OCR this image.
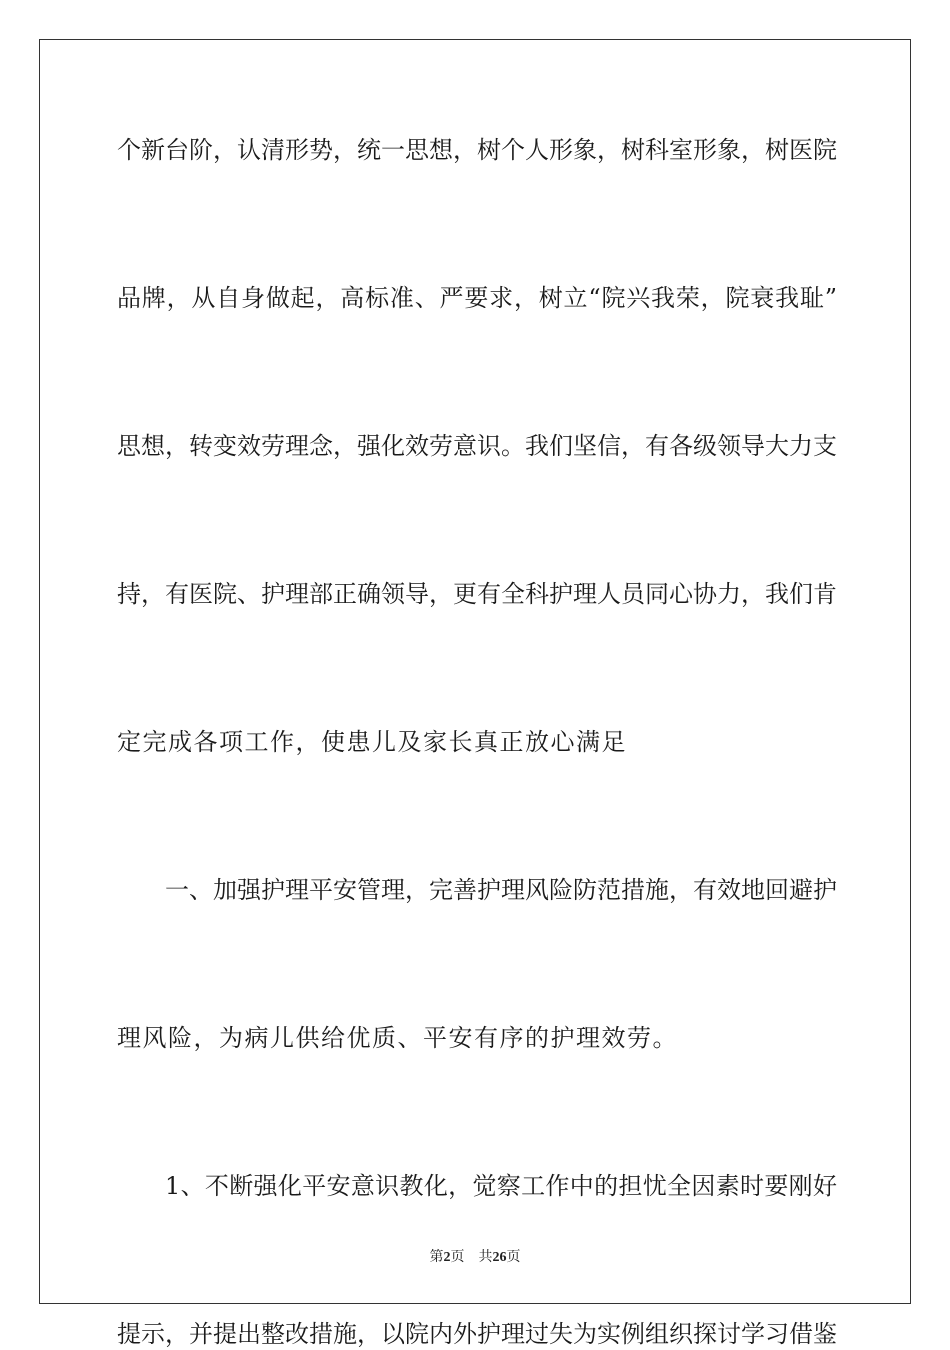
个新台阶，认清形势，统一思想，树个人形象，树科室形象，树医院
品牌，从自身做起，高标准、严要求，树立“院兴我荣，院衰我耻”
思想，转变效劳理念，强化效劳意识。我们坚信，有各级领导大力支
持，有医院、护理部正确领导，更有全科护理人员同心协力，我们肯
定完成各项工作，使患儿及家长真正放心满足
一、加强护理平安管理，完善护理风险防范措施，有效地回避护
理风险，为病儿供给优质、平安有序的护理效劳。
1、不断强化平安意识教化，觉察工作中的担忧全因素时要刚好
提示，并提出整改措施，以院内外护理过失为实例组织探讨学习借鉴
第2页 共26页
